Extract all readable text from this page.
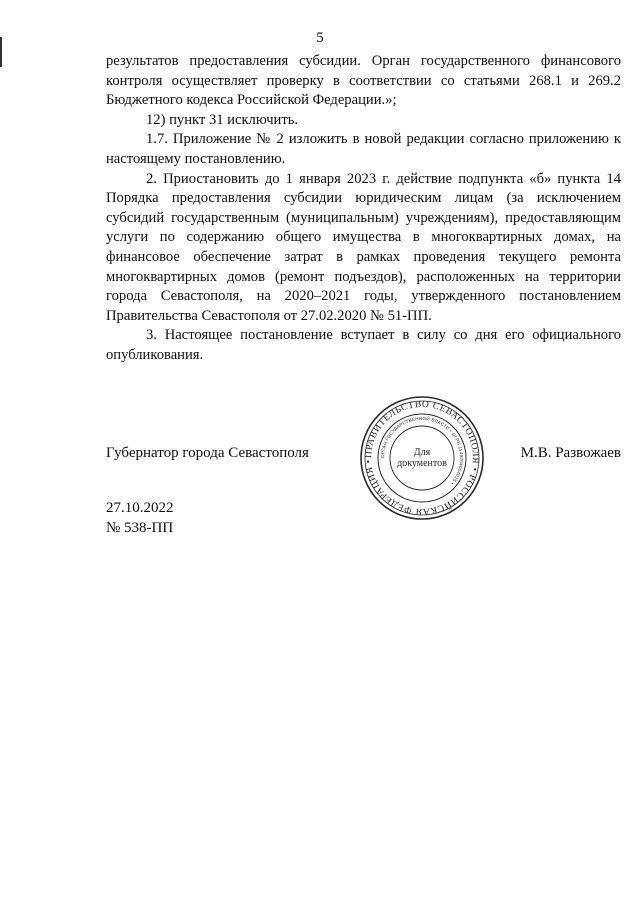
5

результатов предоставления субсидии. Орган государственного финансового контроля осуществляет проверку в соответствии со статьями 268.1 и 269.2 Бюджетного кодекса Российской Федерации.»;

12) пункт 31 исключить.

1.7. Приложение № 2 изложить в новой редакции согласно приложению к настоящему постановлению.

2. Приостановить до 1 января 2023 г. действие подпункта «б» пункта 14 Порядка предоставления субсидии юридическим лицам (за исключением субсидий государственным (муниципальным) учреждениям), предоставляющим услуги по содержанию общего имущества в многоквартирных домах, на финансовое обеспечение затрат в рамках проведения текущего ремонта многоквартирных домов (ремонт подъездов), расположенных на территории города Севастополя, на 2020–2021 годы, утвержденного постановлением Правительства Севастополя от 27.02.2020 № 51-ПП.

3. Настоящее постановление вступает в силу со дня его официального опубликования.

Губернатор города Севастополя	М.В. Развожаев
ПРАВИТЕЛЬСТВО СЕВАСТОПОЛЯ • РОССИЙСКАЯ ФЕДЕРАЦИЯ •
ОРГАН ГОСУДАРСТВЕННОЙ ВЛАСТИ • ОГРН 1149204004025 •
Для
документов
27.10.2022
№ 538-ПП
